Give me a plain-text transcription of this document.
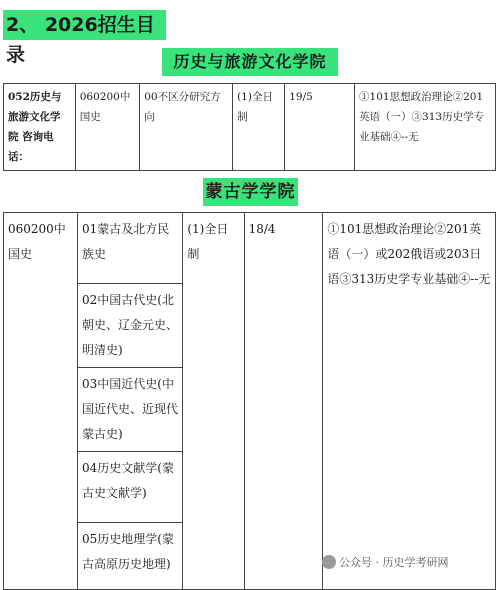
2、 2026招生目录	历史与旅游文化学院
052历史与旅游文化学院 咨询电话：	060200中国史	00不区分研究方向	(1)全日制	19/5	①101思想政治理论②201英语（一）③313历史学专业基础④--无
蒙古学学院
060200中国史	01蒙古及北方民族史	(1)全日制	18/4	①101思想政治理论②201英语（一）或202俄语或203日语③313历史学专业基础④--无
02中国古代史(北朝史、辽金元史、明清史)
03中国近代史(中国近代史、近现代蒙古史)
04历史文献学(蒙古史文献学)
05历史地理学(蒙古高原历史地理)	公众号 · 历史学考研网
